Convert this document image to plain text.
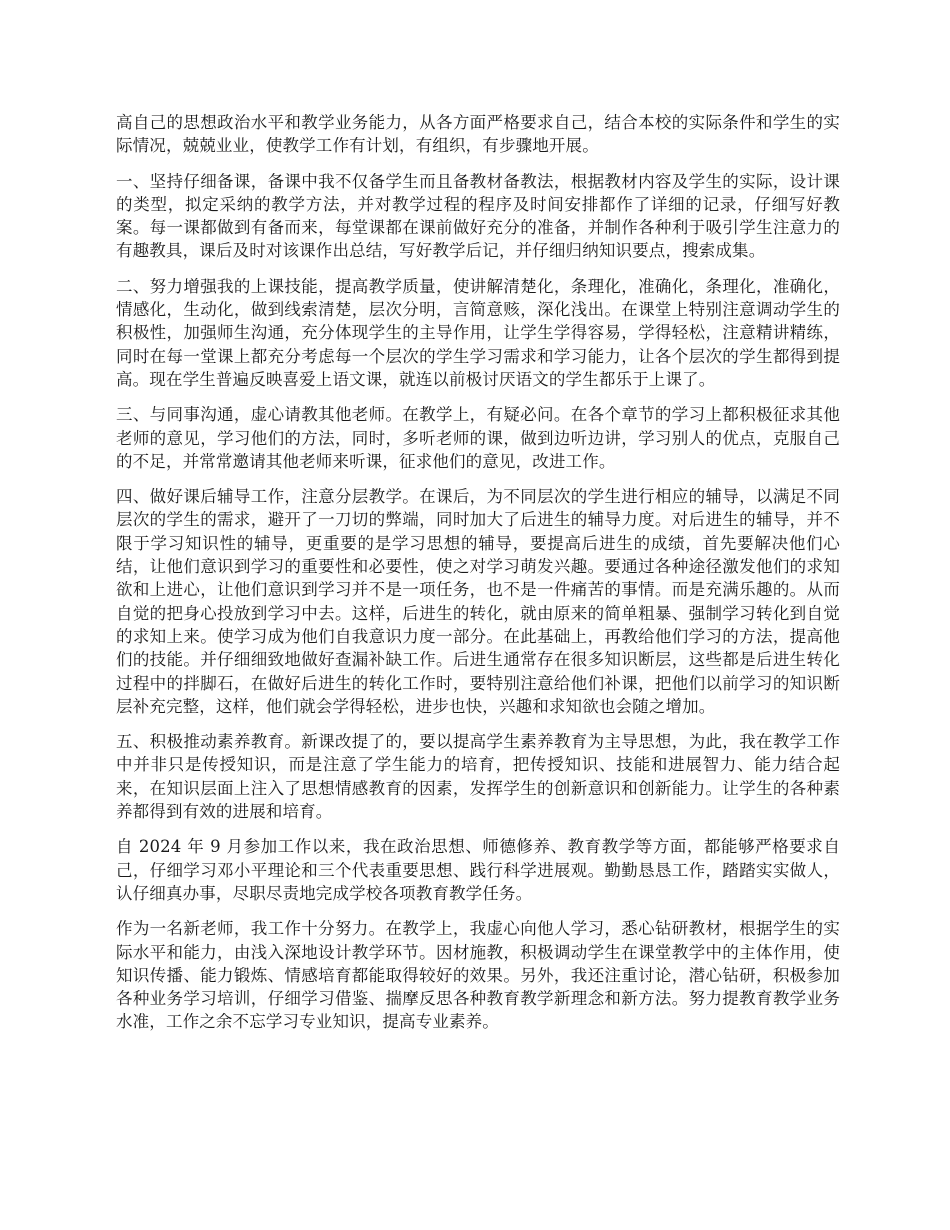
高自己的思想政治水平和教学业务能力，从各方面严格要求自己，结合本校的实际条件和学生的实际情况，兢兢业业，使教学工作有计划，有组织，有步骤地开展。

一、坚持仔细备课，备课中我不仅备学生而且备教材备教法，根据教材内容及学生的实际，设计课的类型，拟定采纳的教学方法，并对教学过程的程序及时间安排都作了详细的记录，仔细写好教案。每一课都做到有备而来，每堂课都在课前做好充分的准备，并制作各种利于吸引学生注意力的有趣教具，课后及时对该课作出总结，写好教学后记，并仔细归纳知识要点，搜索成集。

二、努力增强我的上课技能，提高教学质量，使讲解清楚化，条理化，准确化，条理化，准确化，情感化，生动化，做到线索清楚，层次分明，言简意赅，深化浅出。在课堂上特别注意调动学生的积极性，加强师生沟通，充分体现学生的主导作用，让学生学得容易，学得轻松，注意精讲精练，同时在每一堂课上都充分考虑每一个层次的学生学习需求和学习能力，让各个层次的学生都得到提高。现在学生普遍反映喜爱上语文课，就连以前极讨厌语文的学生都乐于上课了。

三、与同事沟通，虚心请教其他老师。在教学上，有疑必问。在各个章节的学习上都积极征求其他老师的意见，学习他们的方法，同时，多听老师的课，做到边听边讲，学习别人的优点，克服自己的不足，并常常邀请其他老师来听课，征求他们的意见，改进工作。

四、做好课后辅导工作，注意分层教学。在课后，为不同层次的学生进行相应的辅导，以满足不同层次的学生的需求，避开了一刀切的弊端，同时加大了后进生的辅导力度。对后进生的辅导，并不限于学习知识性的辅导，更重要的是学习思想的辅导，要提高后进生的成绩，首先要解决他们心结，让他们意识到学习的重要性和必要性，使之对学习萌发兴趣。要通过各种途径激发他们的求知欲和上进心，让他们意识到学习并不是一项任务，也不是一件痛苦的事情。而是充满乐趣的。从而自觉的把身心投放到学习中去。这样，后进生的转化，就由原来的简单粗暴、强制学习转化到自觉的求知上来。使学习成为他们自我意识力度一部分。在此基础上，再教给他们学习的方法，提高他们的技能。并仔细细致地做好查漏补缺工作。后进生通常存在很多知识断层，这些都是后进生转化过程中的拌脚石，在做好后进生的转化工作时，要特别注意给他们补课，把他们以前学习的知识断层补充完整，这样，他们就会学得轻松，进步也快，兴趣和求知欲也会随之增加。

五、积极推动素养教育。新课改提了的，要以提高学生素养教育为主导思想，为此，我在教学工作中并非只是传授知识，而是注意了学生能力的培育，把传授知识、技能和进展智力、能力结合起来，在知识层面上注入了思想情感教育的因素，发挥学生的创新意识和创新能力。让学生的各种素养都得到有效的进展和培育。

自 2024 年 9 月参加工作以来，我在政治思想、师德修养、教育教学等方面，都能够严格要求自己，仔细学习邓小平理论和三个代表重要思想、践行科学进展观。勤勤恳恳工作，踏踏实实做人，认仔细真办事，尽职尽责地完成学校各项教育教学任务。

作为一名新老师，我工作十分努力。在教学上，我虚心向他人学习，悉心钻研教材，根据学生的实际水平和能力，由浅入深地设计教学环节。因材施教，积极调动学生在课堂教学中的主体作用，使知识传播、能力锻炼、情感培育都能取得较好的效果。另外，我还注重讨论，潜心钻研，积极参加各种业务学习培训，仔细学习借鉴、揣摩反思各种教育教学新理念和新方法。努力提教育教学业务水准，工作之余不忘学习专业知识，提高专业素养。
